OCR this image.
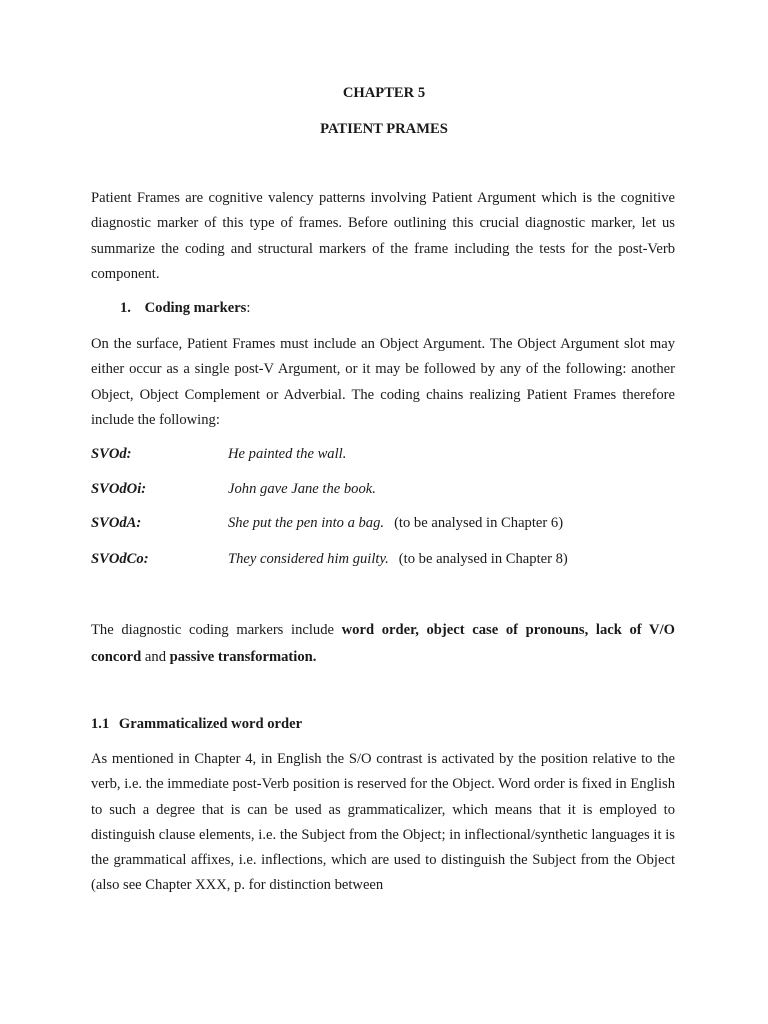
CHAPTER 5
PATIENT PRAMES

Patient Frames are cognitive valency patterns involving Patient Argument which is the cognitive diagnostic marker of this type of frames. Before outlining this crucial diagnostic marker, let us summarize the coding and structural markers of the frame including the tests for the post-Verb component.

1. Coding markers:

On the surface, Patient Frames must include an Object Argument. The Object Argument slot may either occur as a single post-V Argument, or it may be followed by any of the following: another Object, Object Complement or Adverbial. The coding chains realizing Patient Frames therefore include the following:

SVOd:	He painted the wall.
SVOdOi:	John gave Jane the book.
SVOdA:	She put the pen into a bag. (to be analysed in Chapter 6)
SVOdCo:	They considered him guilty. (to be analysed in Chapter 8)

The diagnostic coding markers include word order, object case of pronouns, lack of V/O concord and passive transformation.

1.1 Grammaticalized word order

As mentioned in Chapter 4, in English the S/O contrast is activated by the position relative to the verb, i.e. the immediate post-Verb position is reserved for the Object. Word order is fixed in English to such a degree that is can be used as grammaticalizer, which means that it is employed to distinguish clause elements, i.e. the Subject from the Object; in inflectional/synthetic languages it is the grammatical affixes, i.e. inflections, which are used to distinguish the Subject from the Object (also see Chapter XXX, p. for distinction between
